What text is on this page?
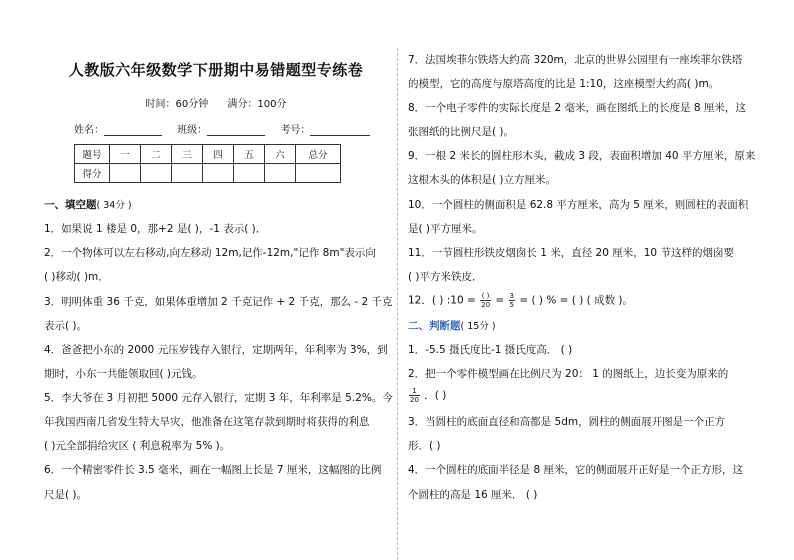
人教版六年级数学下册期中易错题型专练卷
时间：60分钟 满分：100分
姓名：	班级：	考号：
题号	一	二	三	四	五	六	总分
得分							
一、填空题( 34分 )
1．如果说 1 楼是 0，那+2 是( )，-1 表示( )．
2．一个物体可以左右移动,向左移动 12m,记作-12m,"记作 8m"表示向
( )移动( )m．
3．明明体重 36 千克，如果体重增加 2 千克记作 + 2 千克，那么 - 2 千克
表示( )。
4．爸爸把小东的 2000 元压岁钱存入银行，定期两年，年利率为 3%，到
期时，小东一共能领取回( )元钱。
5．李大爷在 3 月初把 5000 元存入银行，定期 3 年，年利率是 5.2%。今
年我国西南几省发生特大旱灾，他准备在这笔存款到期时将获得的利息
( )元全部捐给灾区 ( 利息税率为 5% )。
6．一个精密零件长 3.5 毫米，画在一幅图上长是 7 厘米，这幅图的比例
尺是( )。
7．法国埃菲尔铁塔大约高 320m，北京的世界公园里有一座埃菲尔铁塔
的模型，它的高度与原塔高度的比是 1:10，这座模型大约高( )m。
8．一个电子零件的实际长度是 2 毫米，画在图纸上的长度是 8 厘米，这
张图纸的比例尺是( )。
9．一根 2 米长的圆柱形木头，截成 3 段，表面积增加 40 平方厘米，原来
这根木头的体积是( )立方厘米。
10．一个圆柱的侧面积是 62.8 平方厘米，高为 5 厘米，则圆柱的表面积
是( )平方厘米。
11．一节圆柱形铁皮烟囱长 1 米，直径 20 厘米，10 节这样的烟囱要
( )平方米铁皮．
12．( ) :10 = $\frac{( )}{20} = \frac{3}{5}$ = ( ) % = ( ) ( 成数 )。
二、判断题( 15分 )
1．-5.5 摄氏度比-1 摄氏度高． ( )
2．把一个零件模型画在比例尺为 20： 1 的图纸上，边长变为原来的
$\frac{1}{20}$ ．( )
3．当圆柱的底面直径和高都是 5dm，圆柱的侧面展开图是一个正方
形．( )
4．一个圆柱的底面半径是 8 厘米，它的侧面展开正好是一个正方形，这
个圆柱的高是 16 厘米． ( )
